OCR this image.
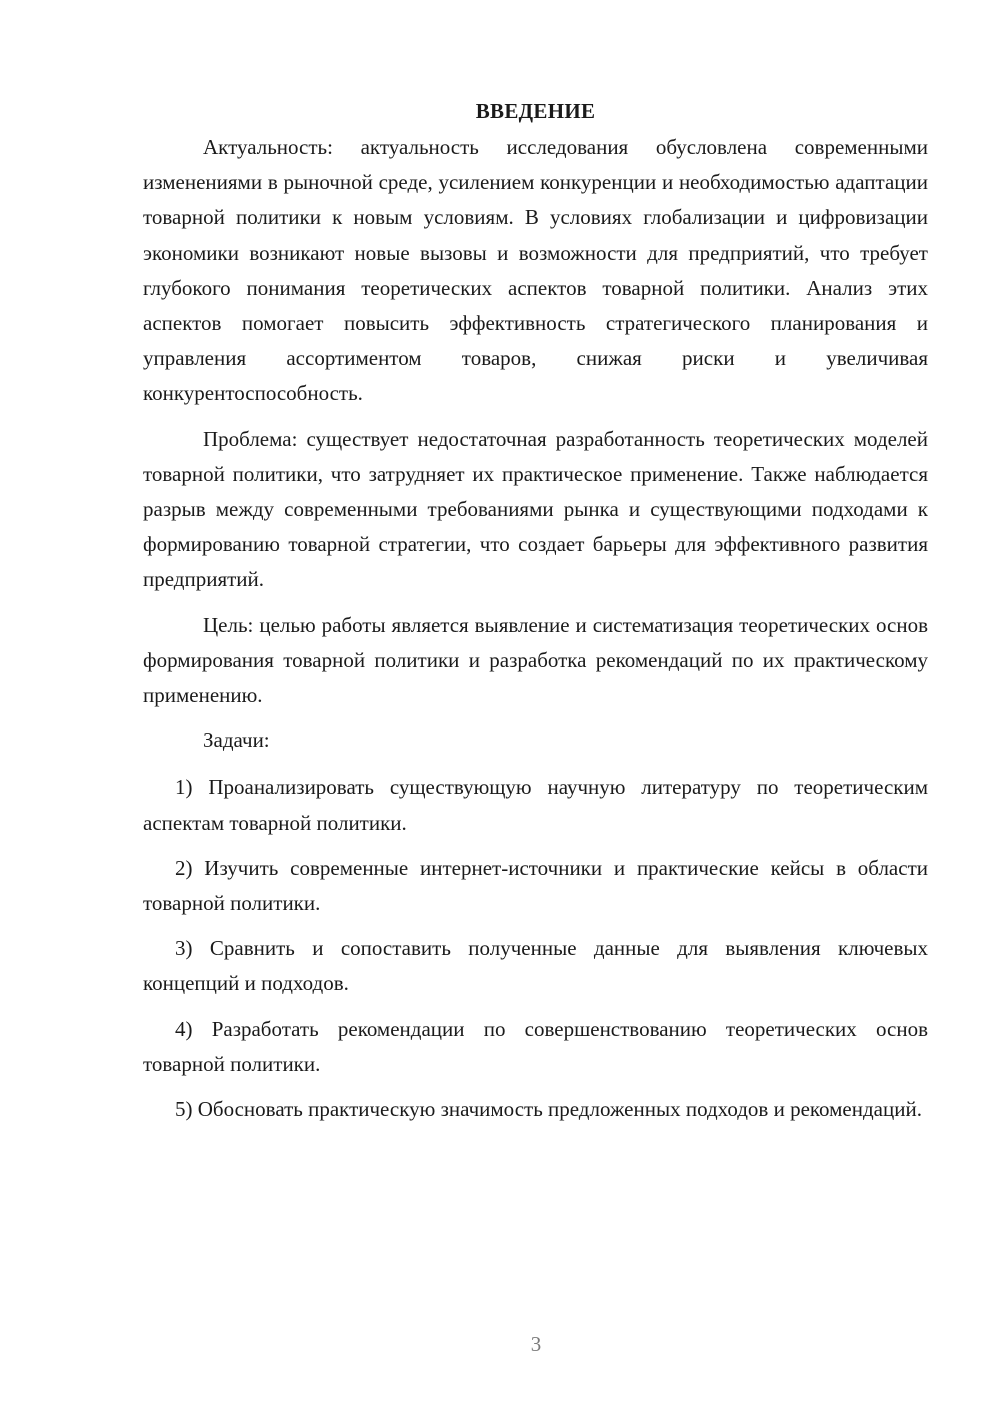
ВВЕДЕНИЕ

Актуальность: актуальность исследования обусловлена современными изменениями в рыночной среде, усилением конкуренции и необходимостью адаптации товарной политики к новым условиям. В условиях глобализации и цифровизации экономики возникают новые вызовы и возможности для предприятий, что требует глубокого понимания теоретических аспектов товарной политики. Анализ этих аспектов помогает повысить эффективность стратегического планирования и управления ассортиментом товаров, снижая риски и увеличивая конкурентоспособность.

Проблема: существует недостаточная разработанность теоретических моделей товарной политики, что затрудняет их практическое применение. Также наблюдается разрыв между современными требованиями рынка и существующими подходами к формированию товарной стратегии, что создает барьеры для эффективного развития предприятий.

Цель: целью работы является выявление и систематизация теоретических основ формирования товарной политики и разработка рекомендаций по их практическому применению.

Задачи:

1) Проанализировать существующую научную литературу по теоретическим аспектам товарной политики.
2) Изучить современные интернет-источники и практические кейсы в области товарной политики.
3) Сравнить и сопоставить полученные данные для выявления ключевых концепций и подходов.
4) Разработать рекомендации по совершенствованию теоретических основ товарной политики.
5) Обосновать практическую значимость предложенных подходов и рекомендаций.
3
